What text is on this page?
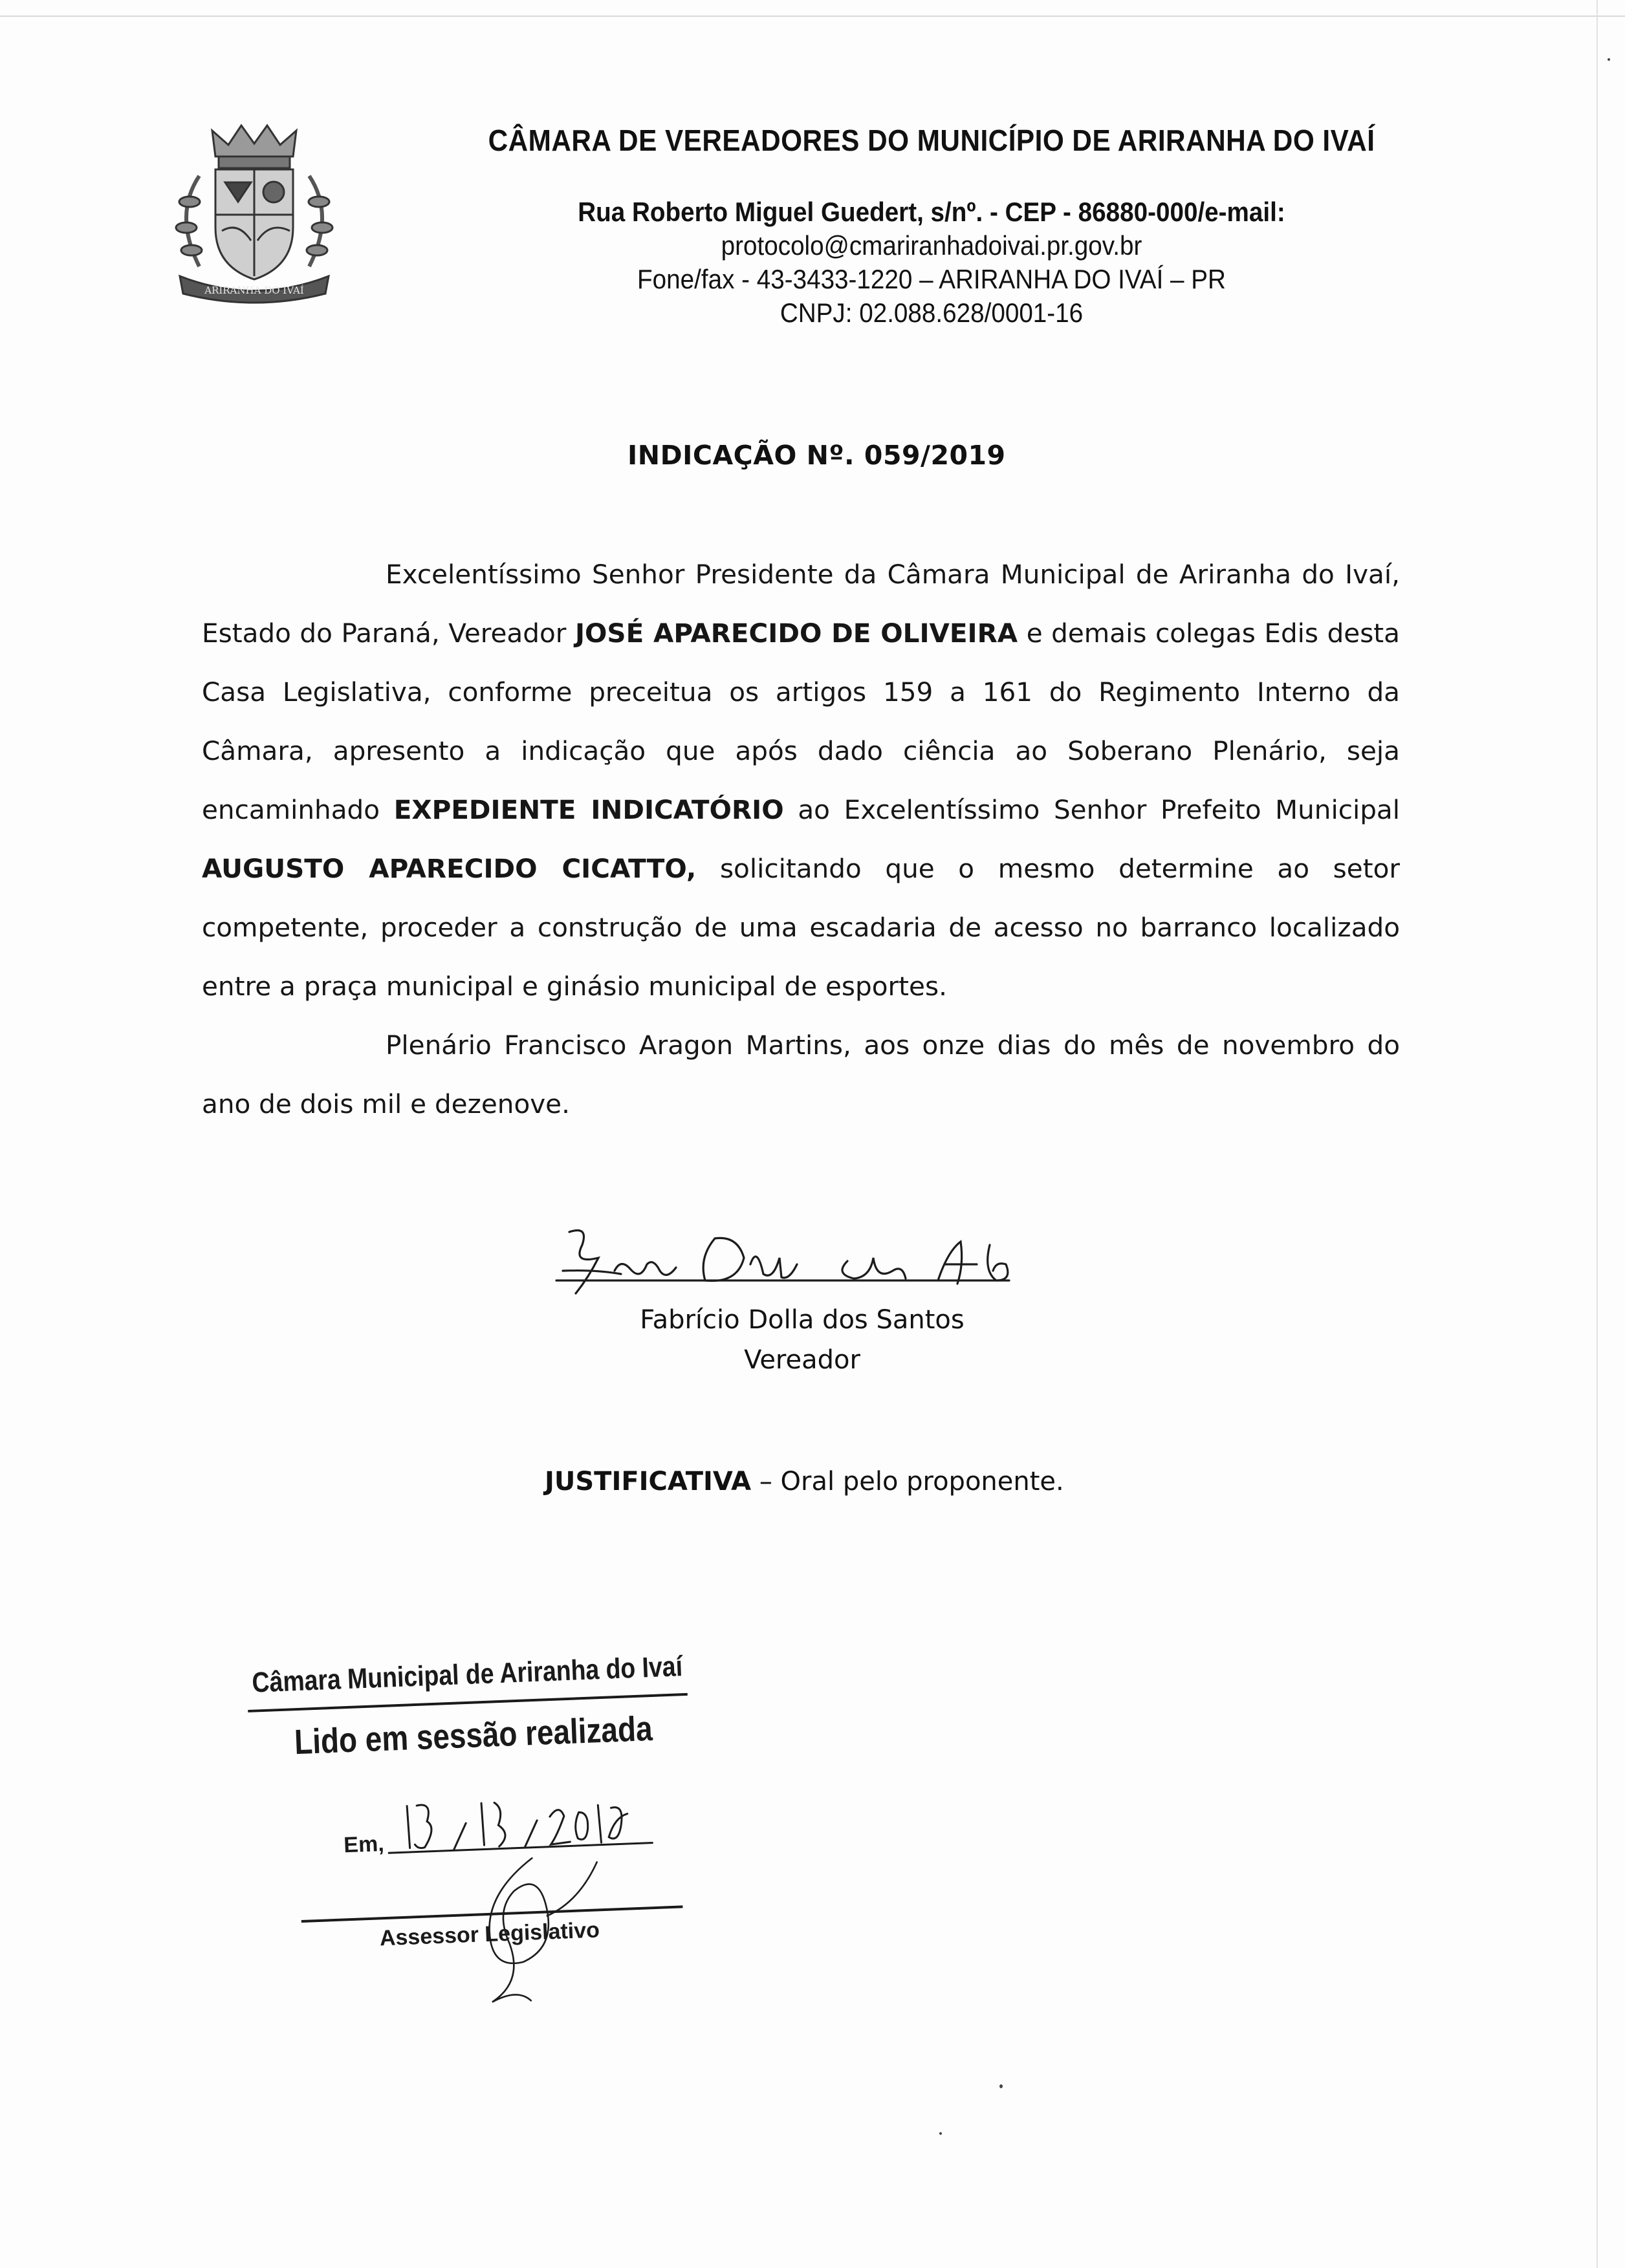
ARIRANHA DO IVAÍ
CÂMARA DE VEREADORES DO MUNICÍPIO DE ARIRANHA DO IVAÍ
Rua Roberto Miguel Guedert, s/nº. - CEP - 86880-000/e-mail:
protocolo@cmariranhadoivai.pr.gov.br
Fone/fax - 43-3433-1220 – ARIRANHA DO IVAÍ – PR
CNPJ: 02.088.628/0001-16
INDICAÇÃO Nº. 059/2019

Excelentíssimo Senhor Presidente da Câmara Municipal de Ariranha do Ivaí, Estado do Paraná, Vereador JOSÉ APARECIDO DE OLIVEIRA e demais colegas Edis desta Casa Legislativa, conforme preceitua os artigos 159 a 161 do Regimento Interno da Câmara, apresento a indicação que após dado ciência ao Soberano Plenário, seja encaminhado EXPEDIENTE INDICATÓRIO ao Excelentíssimo Senhor Prefeito Municipal AUGUSTO APARECIDO CICATTO, solicitando que o mesmo determine ao setor competente, proceder a construção de uma escadaria de acesso no barranco localizado entre a praça municipal e ginásio municipal de esportes.

Plenário Francisco Aragon Martins, aos onze dias do mês de novembro do ano de dois mil e dezenove.

Fabrício Dolla dos Santos
Vereador
JUSTIFICATIVA – Oral pelo proponente.
Câmara Municipal de Ariranha do Ivaí
Lido em sessão realizada
Em,
Assessor Legislativo
